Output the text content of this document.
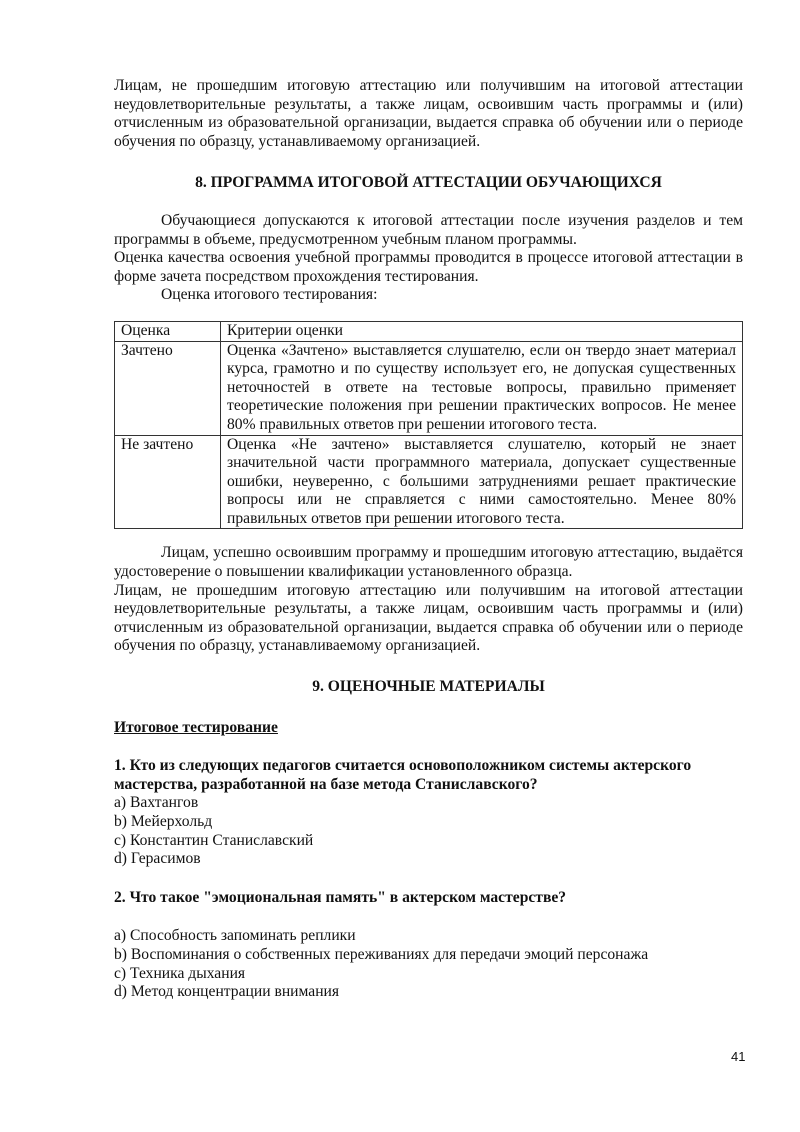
Лицам, не прошедшим итоговую аттестацию или получившим на итоговой аттестации неудовлетворительные результаты, а также лицам, освоившим часть программы и (или) отчисленным из образовательной организации, выдается справка об обучении или о периоде обучения по образцу, устанавливаемому организацией.

8. ПРОГРАММА ИТОГОВОЙ АТТЕСТАЦИИ ОБУЧАЮЩИХСЯ

Обучающиеся допускаются к итоговой аттестации после изучения разделов и тем программы в объеме, предусмотренном учебным планом программы.

Оценка качества освоения учебной программы проводится в процессе итоговой аттестации в форме зачета посредством прохождения тестирования.

Оценка итогового тестирования:

Оценка	Критерии оценки
Зачтено	Оценка «Зачтено» выставляется слушателю, если он твердо знает материал курса, грамотно и по существу использует его, не допуская существенных неточностей в ответе на тестовые вопросы, правильно применяет теоретические положения при решении практических вопросов. Не менее 80% правильных ответов при решении итогового теста.
Не зачтено	Оценка «Не зачтено» выставляется слушателю, который не знает значительной части программного материала, допускает существенные ошибки, неуверенно, с большими затруднениями решает практические вопросы или не справляется с ними самостоятельно. Менее 80% правильных ответов при решении итогового теста.

Лицам, успешно освоившим программу и прошедшим итоговую аттестацию, выдаётся удостоверение о повышении квалификации установленного образца.

Лицам, не прошедшим итоговую аттестацию или получившим на итоговой аттестации неудовлетворительные результаты, а также лицам, освоившим часть программы и (или) отчисленным из образовательной организации, выдается справка об обучении или о периоде обучения по образцу, устанавливаемому организацией.

9. ОЦЕНОЧНЫЕ МАТЕРИАЛЫ

Итоговое тестирование

1. Кто из следующих педагогов считается основоположником системы актерского мастерства, разработанной на базе метода Станиславского?

a) Вахтангов

b) Мейерхольд

c) Константин Станиславский

d) Герасимов

2. Что такое "эмоциональная память" в актерском мастерстве?

a) Способность запоминать реплики

b) Воспоминания о собственных переживаниях для передачи эмоций персонажа

c) Техника дыхания

d) Метод концентрации внимания

41
